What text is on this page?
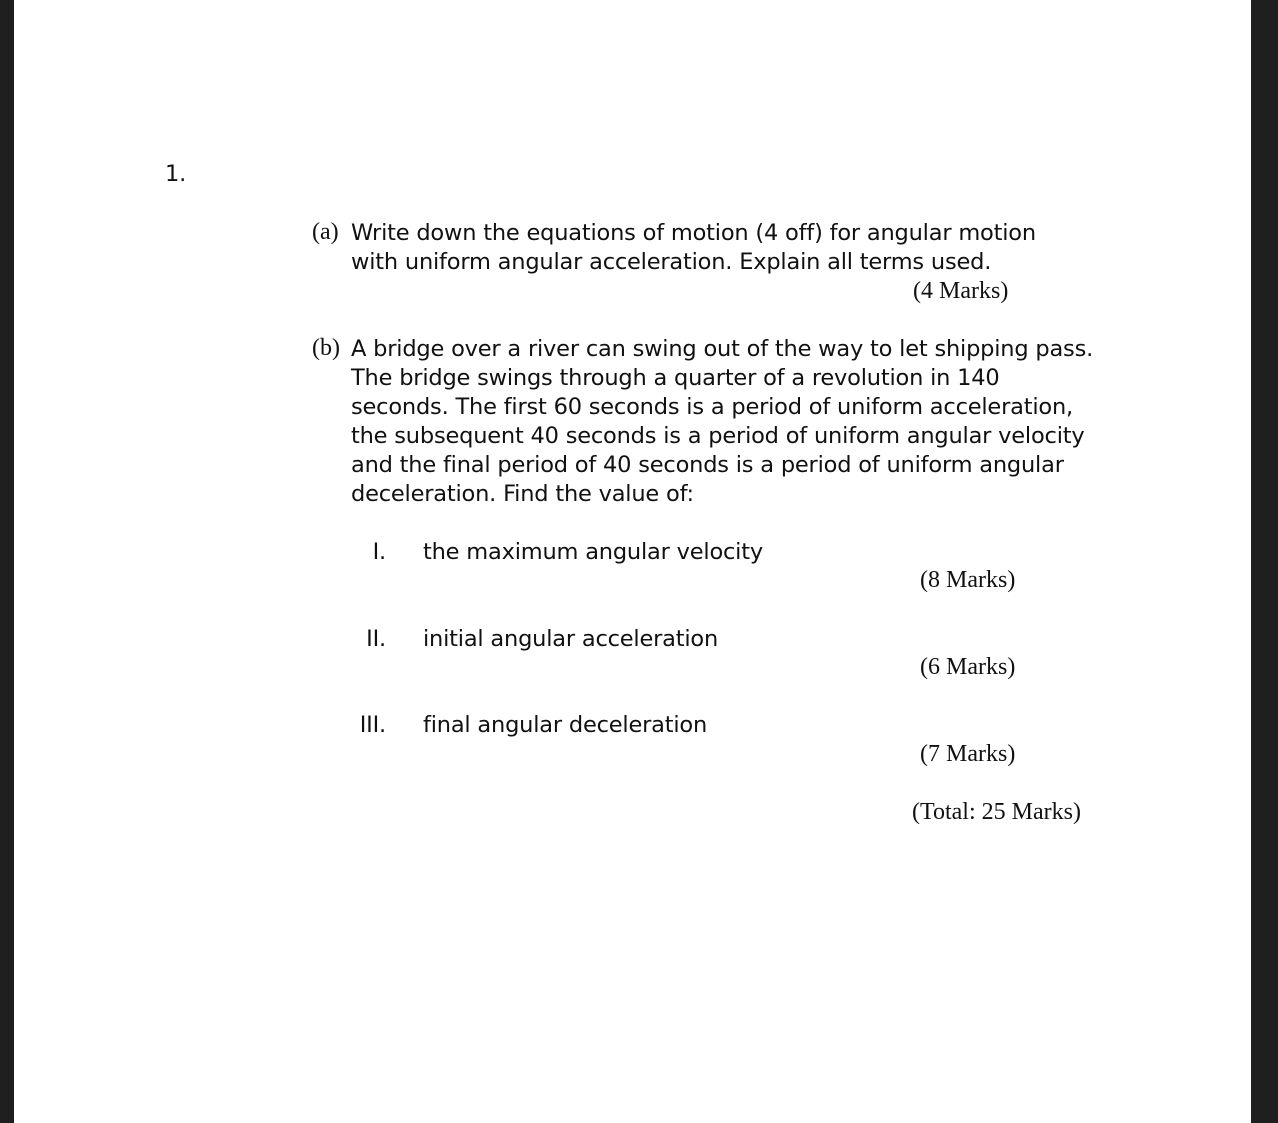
1.
(a) Write down the equations of motion (4 off) for angular motion
with uniform angular acceleration. Explain all terms used.
(4 Marks)
(b) A bridge over a river can swing out of the way to let shipping pass.
The bridge swings through a quarter of a revolution in 140
seconds. The first 60 seconds is a period of uniform acceleration,
the subsequent 40 seconds is a period of uniform angular velocity
and the final period of 40 seconds is a period of uniform angular
deceleration. Find the value of:
I. the maximum angular velocity
(8 Marks)
II. initial angular acceleration
(6 Marks)
III. final angular deceleration
(7 Marks)
(Total: 25 Marks)
